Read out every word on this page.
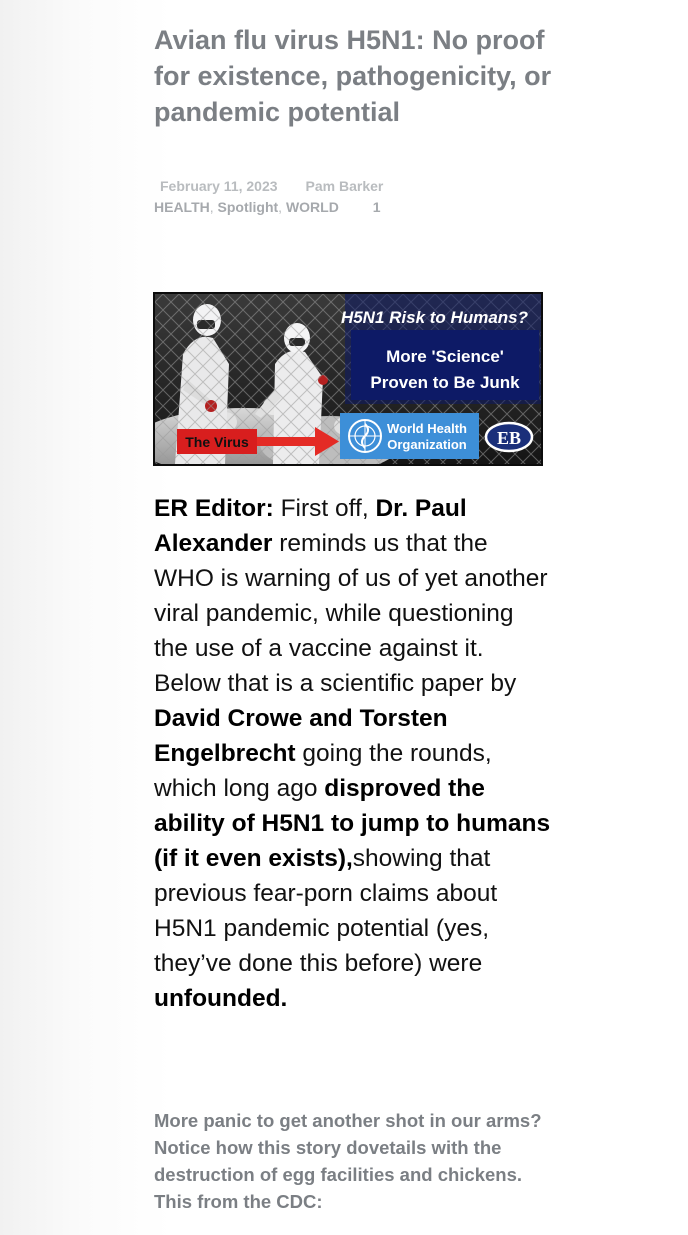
Avian flu virus H5N1: No proof for existence, pathogenicity, or pandemic potential
February 11, 2023 Pam Barker
HEALTH, Spotlight, WORLD 1
H5N1 Risk to Humans?
More 'Science'
Proven to Be Junk
World Health
Organization EB
The Virus

ER Editor: First off, Dr. Paul Alexander reminds us that the WHO is warning of us of yet another viral pandemic, while questioning the use of a vaccine against it. Below that is a scientific paper by David Crowe and Torsten Engelbrecht going the rounds, which long ago disproved the ability of H5N1 to jump to humans (if it even exists),showing that previous fear-porn claims about H5N1 pandemic potential (yes, they’ve done this before) were unfounded.

More panic to get another shot in our arms? Notice how this story dovetails with the destruction of egg facilities and chickens. This from the CDC:
